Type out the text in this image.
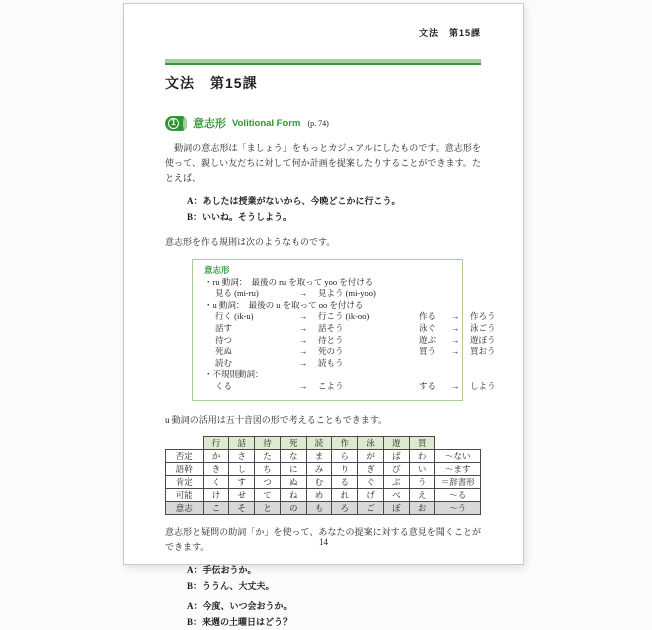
文法　第15課
文法　第15課
1 意志形 Volitional Form (p. 74)
　動詞の意志形は「ましょう」をもっとカジュアルにしたものです。意志形を使って、親しい友だちに対して何か計画を提案したりすることができます。たとえば、
A：あしたは授業がないから、今晩どこかに行こう。
B：いいね。そうしよう。
意志形を作る規則は次のようなものです。
意志形
・ru 動詞：　最後の ru を取って yoo を付ける
見る (mi-ru)	→	見よう (mi-yoo)
・u 動詞：　最後の u を取って oo を付ける
行く (ik-u)	→	行こう (ik-oo)	作る	→	作ろう
話す	→	話そう	泳ぐ	→	泳ごう
待つ	→	待とう	遊ぶ	→	遊ぼう
死ぬ	→	死のう	買う	→	買おう
読む	→	読もう
・不規則動詞：
くる	→	こよう	する	→	しよう
u 動詞の活用は五十音図の形で考えることもできます。
	行	話	待	死	読	作	泳	遊	買	
否定	か	さ	た	な	ま	ら	が	ば	わ	～ない
語幹	き	し	ち	に	み	り	ぎ	び	い	～ます
肯定	く	す	つ	ぬ	む	る	ぐ	ぶ	う	＝辞書形
可能	け	せ	て	ね	め	れ	げ	べ	え	～る
意志	こ	そ	と	の	も	ろ	ご	ぼ	お	～う
意志形と疑問の助詞「か」を使って、あなたの提案に対する意見を聞くことができます。
A：手伝おうか。
B：ううん、大丈夫。
A：今度、いつ会おうか。
B：来週の土曜日はどう？
14
